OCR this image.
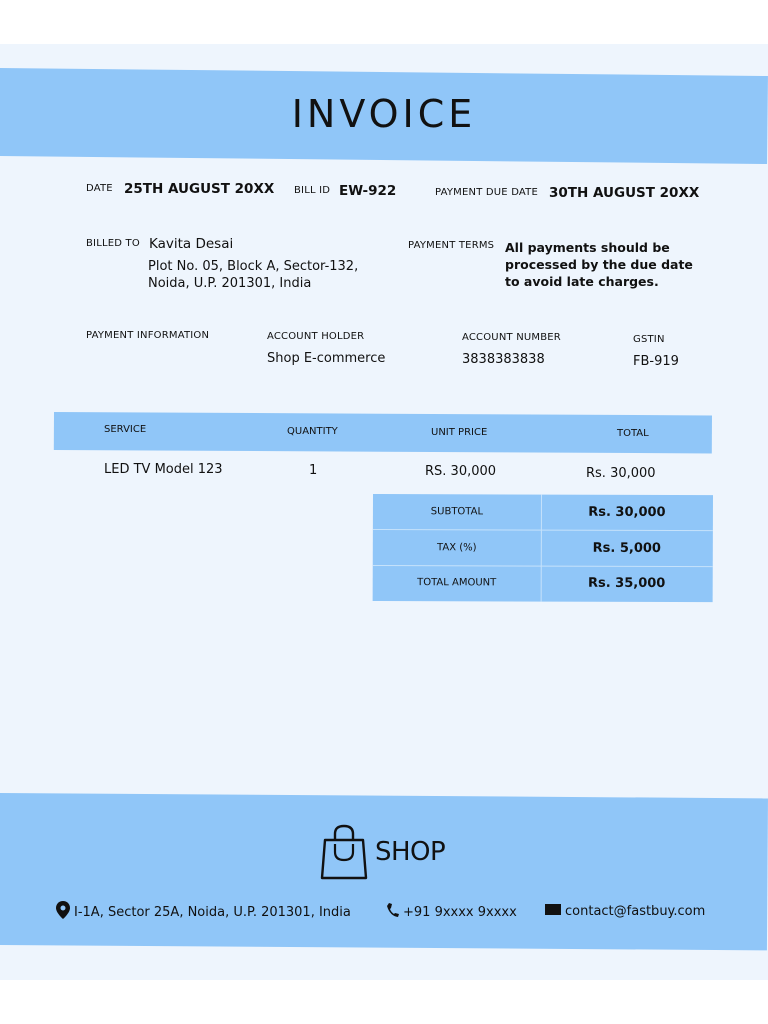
INVOICE
DATE 25TH AUGUST 20XX BILL ID EW-922	PAYMENT DUE DATE 30TH AUGUST 20XX
BILLED TO Kavita Desai
Plot No. 05, Block A, Sector-132,
Noida, U.P. 201301, India
PAYMENT TERMS All payments should be
processed by the due date
to avoid late charges.
PAYMENT INFORMATION	ACCOUNT HOLDER
Shop E-commerce
ACCOUNT NUMBER
3838383838
GSTIN
FB-919
SERVICE	QUANTITY	UNIT PRICE	TOTAL
LED TV Model 123	1	RS. 30,000	Rs. 30,000
SUBTOTAL	Rs. 30,000
TAX (%)	Rs. 5,000
TOTAL AMOUNT	Rs. 35,000
SHOP
I-1A, Sector 25A, Noida, U.P. 201301, India	+91 9xxxx 9xxxx	contact@fastbuy.com
